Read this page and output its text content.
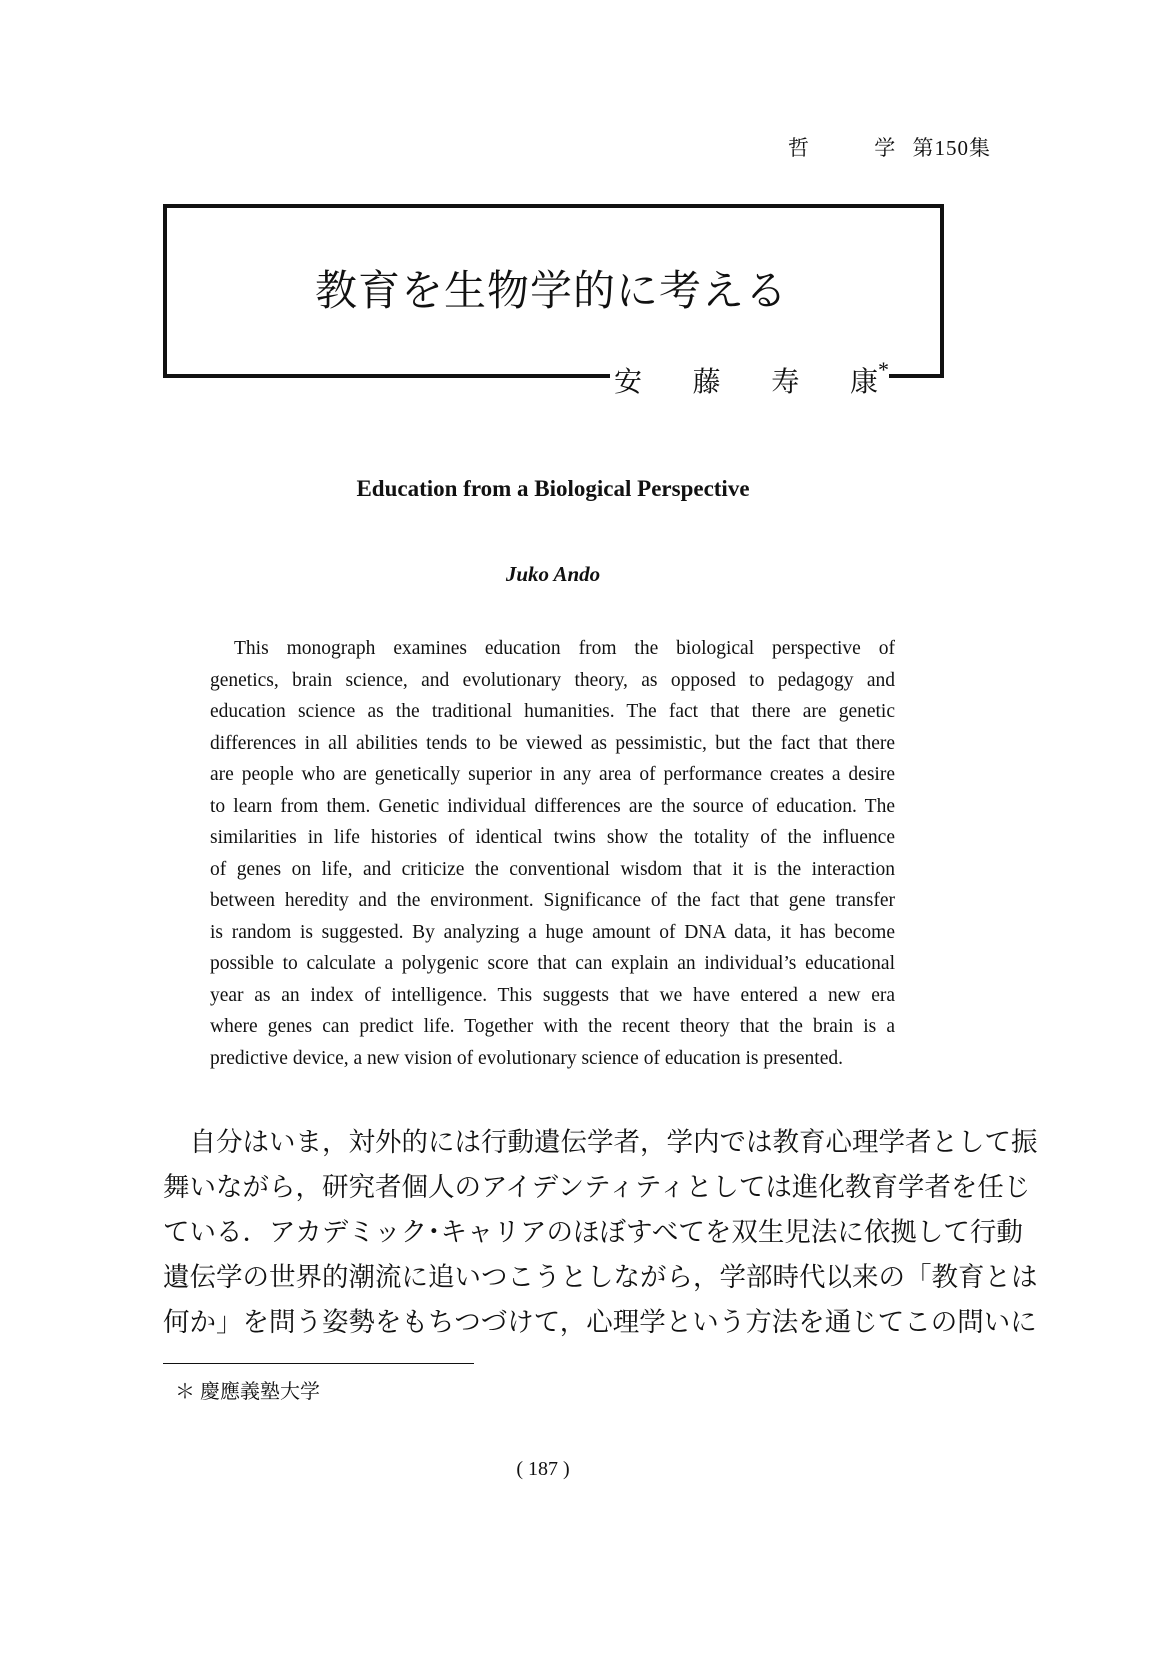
哲	学 第150集
教育を生物学的に考える
安 藤 寿 康*
Education from a Biological Perspective
Juko Ando
This monograph examines education from the biological perspective of
genetics, brain science, and evolutionary theory, as opposed to pedagogy and
education science as the traditional humanities. The fact that there are genetic
differences in all abilities tends to be viewed as pessimistic, but the fact that there
are people who are genetically superior in any area of performance creates a desire
to learn from them. Genetic individual differences are the source of education. The
similarities in life histories of identical twins show the totality of the influence
of genes on life, and criticize the conventional wisdom that it is the interaction
between heredity and the environment. Significance of the fact that gene transfer
is random is suggested. By analyzing a huge amount of DNA data, it has become
possible to calculate a polygenic score that can explain an individual’s educational
year as an index of intelligence. This suggests that we have entered a new era
where genes can predict life. Together with the recent theory that the brain is a
predictive device, a new vision of evolutionary science of education is presented.
　自分はいま，対外的には行動遺伝学者，学内では教育心理学者として振
舞いながら，研究者個人のアイデンティティとしては進化教育学者を任じ
ている．アカデミック･キャリアのほぼすべてを双生児法に依拠して行動
遺伝学の世界的潮流に追いつこうとしながら，学部時代以来の「教育とは
何か」を問う姿勢をもちつづけて，心理学という方法を通じてこの問いに
＊ 慶應義塾大学
( 187 )
